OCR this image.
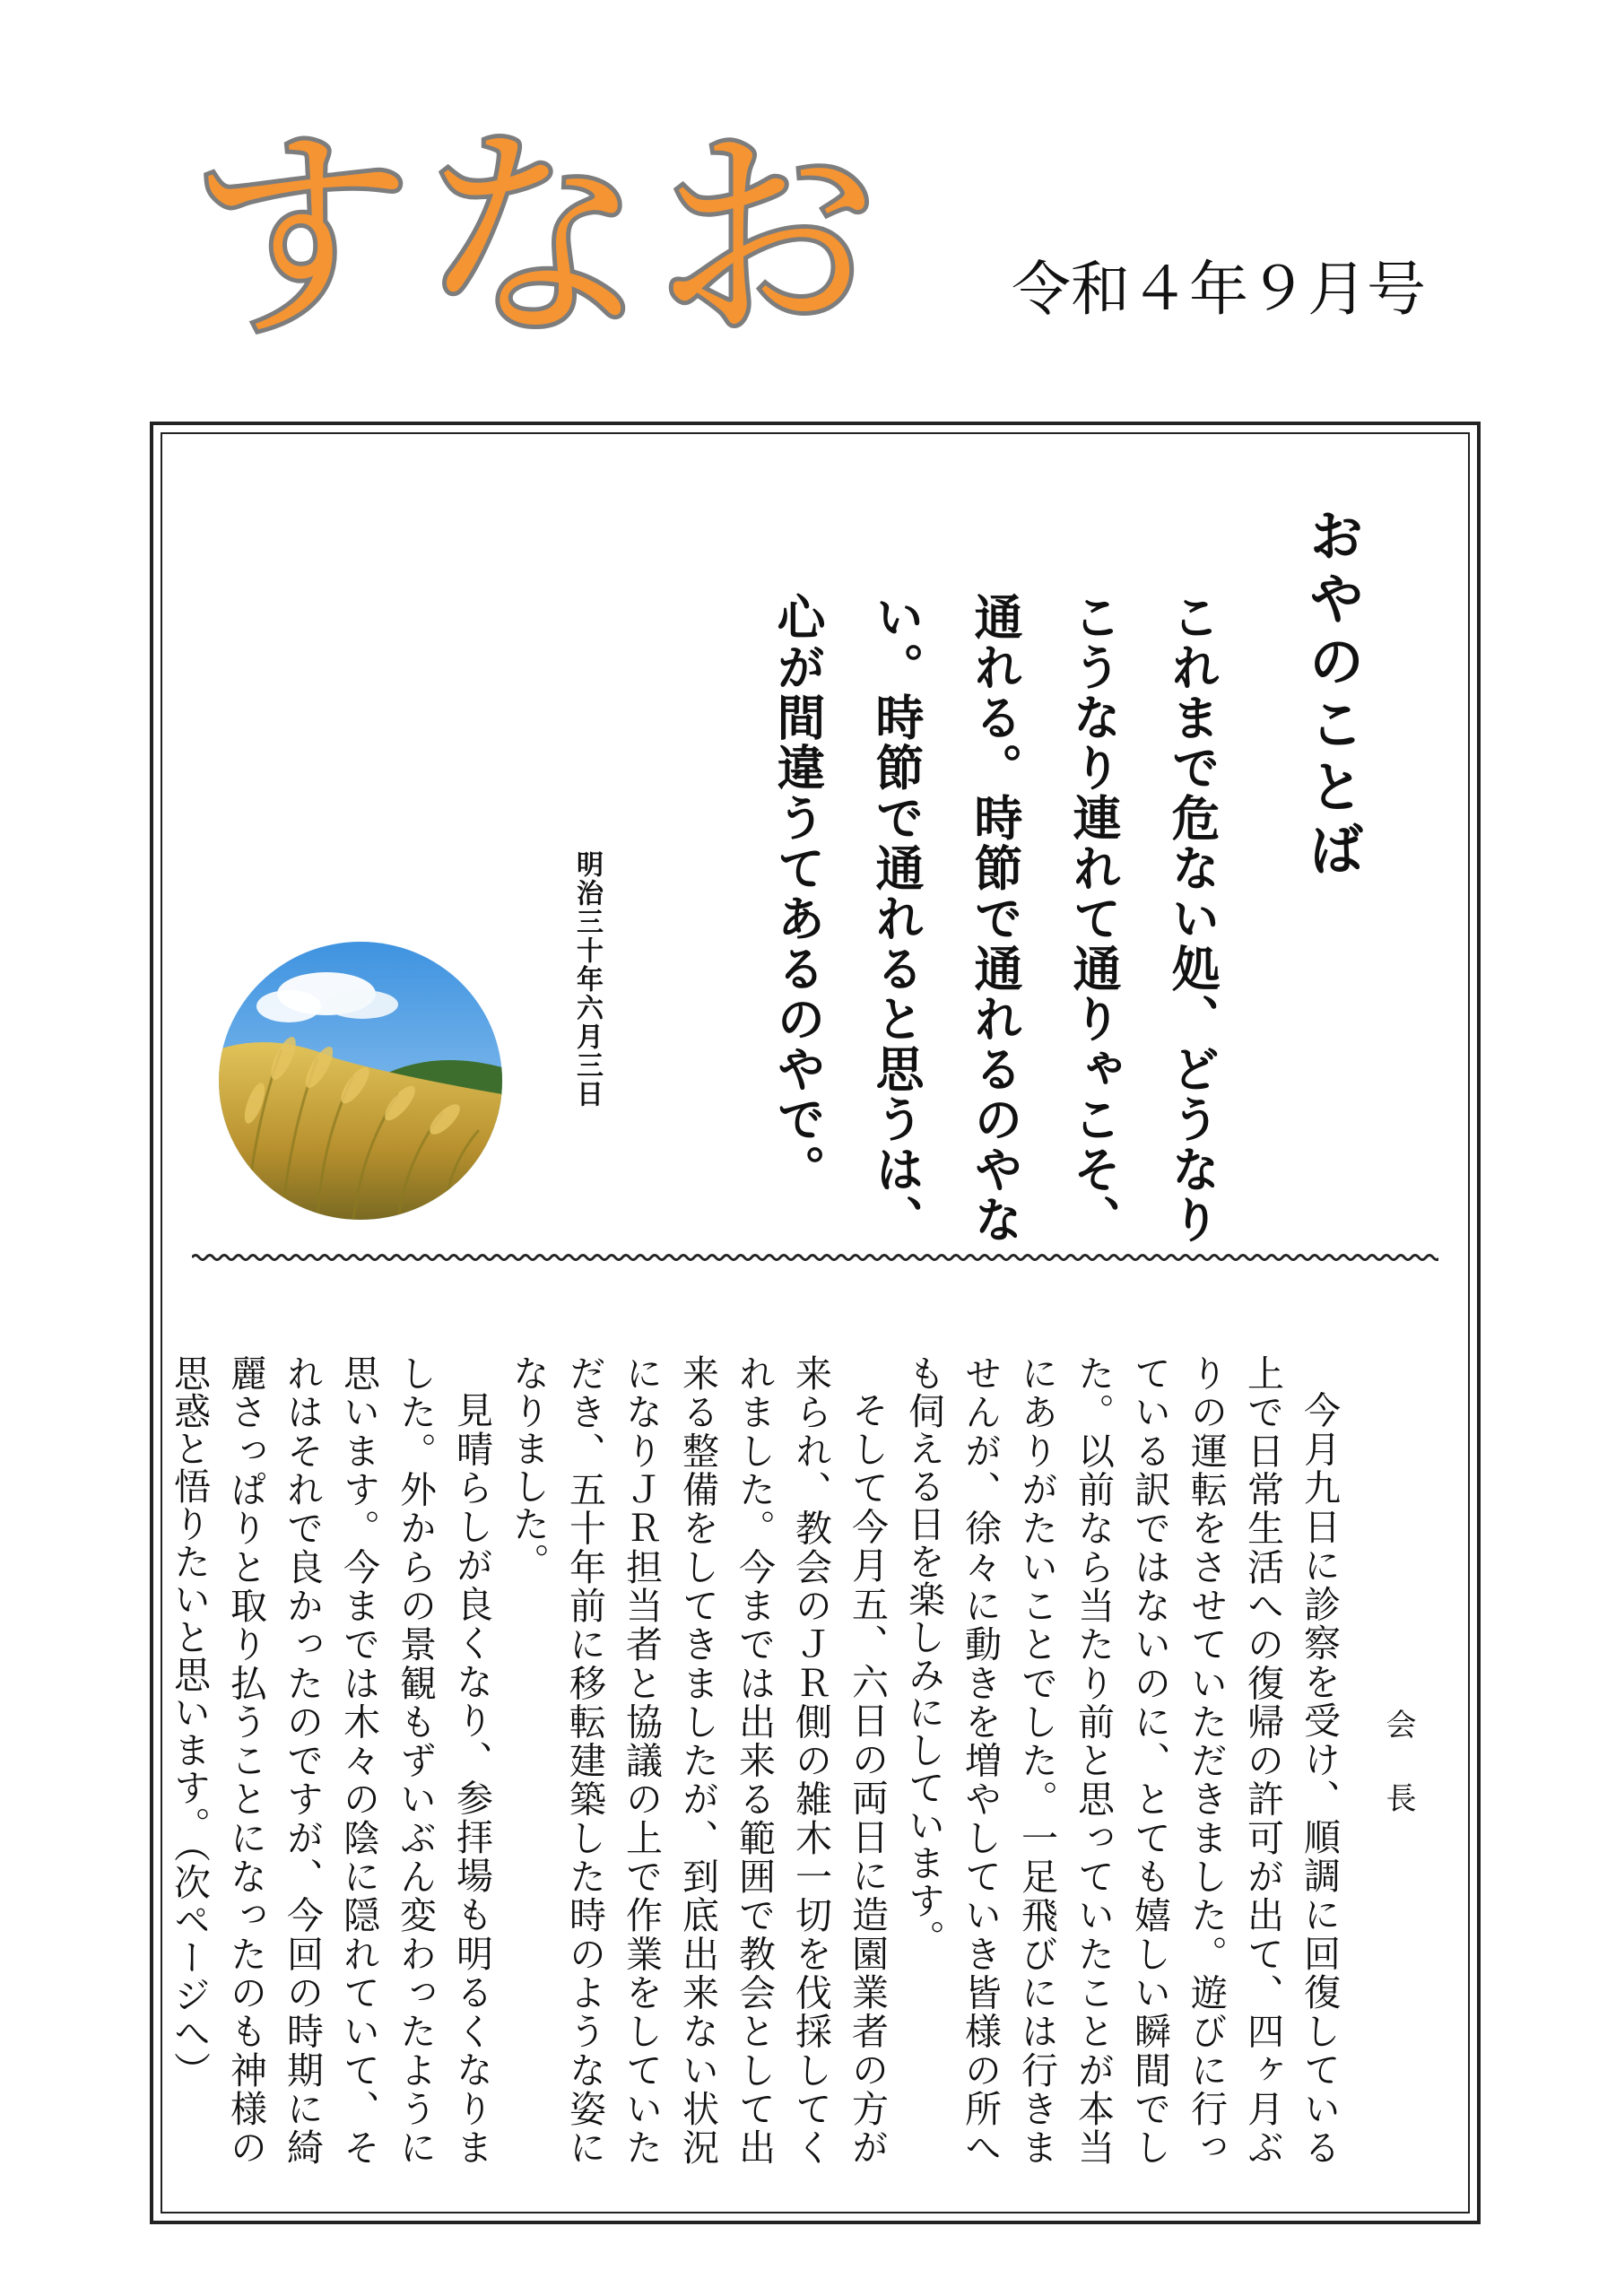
すなお 令和４年９月号
おやのことば
これまで危ない処、どうなりこうなり連れて通りゃこそ、通れる。時節で通れるのやない。時節で通れると思うは、心が間違うてあるのやで。
明治三十年六月三日
会長

今月九日に診察を受け、順調に回復している上で日常生活への復帰の許可が出て、四ヶ月ぶりの運転をさせていただきました。遊びに行っている訳ではないのに、とても嬉しい瞬間でした。以前なら当たり前と思っていたことが本当にありがたいことでした。一足飛びには行きませんが、徐々に動きを増やしていき皆様の所へも伺える日を楽しみにしています。

そして今月五、六日の両日に造園業者の方が来られ、教会のＪＲ側の雑木一切を伐採してくれました。今までは出来る範囲で教会として出来る整備をしてきましたが、到底出来ない状況になりＪＲ担当者と協議の上で作業をしていただき、五十年前に移転建築した時のような姿になりました。

見晴らしが良くなり、参拝場も明るくなりました。外からの景観もずいぶん変わったように思います。今までは木々の陰に隠れていて、それはそれで良かったのですが、今回の時期に綺麗さっぱりと取り払うことになったのも神様の思惑と悟りたいと思います。（次ページへ）
